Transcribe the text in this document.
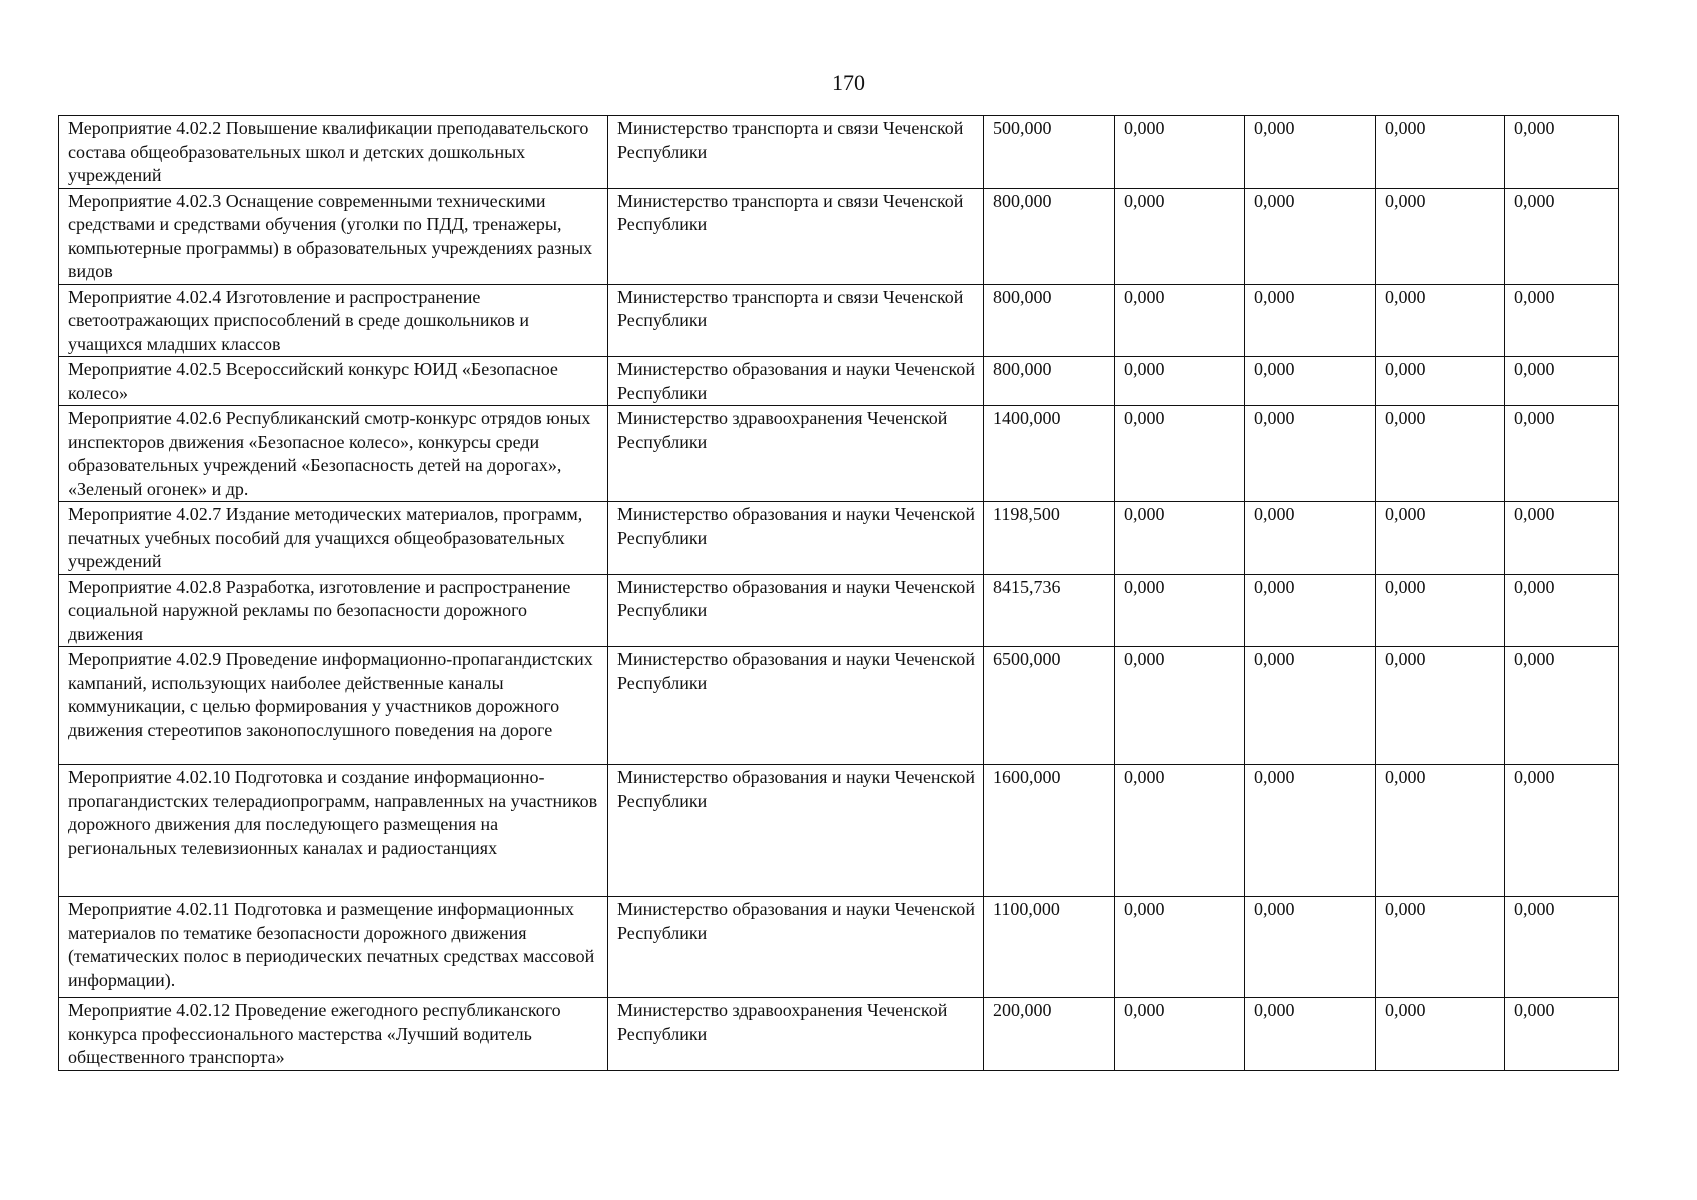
170
Мероприятие 4.02.2 Повышение квалификации преподавательского состава общеобразовательных школ и детских дошкольных учреждений	Министерство транспорта и связи Чеченской Республики	500,000	0,000	0,000	0,000	0,000
Мероприятие 4.02.3 Оснащение современными техническими средствами и средствами обучения (уголки по ПДД, тренажеры, компьютерные программы) в образовательных учреждениях разных видов	Министерство транспорта и связи Чеченской Республики	800,000	0,000	0,000	0,000	0,000
Мероприятие 4.02.4 Изготовление и распространение светоотражающих приспособлений в среде дошкольников и учащихся младших классов	Министерство транспорта и связи Чеченской Республики	800,000	0,000	0,000	0,000	0,000
Мероприятие 4.02.5 Всероссийский конкурс ЮИД «Безопасное колесо»	Министерство образования и науки Чеченской Республики	800,000	0,000	0,000	0,000	0,000
Мероприятие 4.02.6 Республиканский смотр-конкурс отрядов юных инспекторов движения «Безопасное колесо», конкурсы среди образовательных учреждений «Безопасность детей на дорогах», «Зеленый огонек» и др.	Министерство здравоохранения Чеченской Республики	1400,000	0,000	0,000	0,000	0,000
Мероприятие 4.02.7 Издание методических материалов, программ, печатных учебных пособий для учащихся общеобразовательных учреждений	Министерство образования и науки Чеченской Республики	1198,500	0,000	0,000	0,000	0,000
Мероприятие 4.02.8 Разработка, изготовление и распространение социальной наружной рекламы по безопасности дорожного движения	Министерство образования и науки Чеченской Республики	8415,736	0,000	0,000	0,000	0,000
Мероприятие 4.02.9 Проведение информационно-пропагандистских кампаний, использующих наиболее действенные каналы коммуникации, с целью формирования у участников дорожного движения стереотипов законопослушного поведения на дороге	Министерство образования и науки Чеченской Республики	6500,000	0,000	0,000	0,000	0,000
Мероприятие 4.02.10 Подготовка и создание информационно-пропагандистских телерадиопрограмм, направленных на участников дорожного движения для последующего размещения на региональных телевизионных каналах и радиостанциях	Министерство образования и науки Чеченской Республики	1600,000	0,000	0,000	0,000	0,000
Мероприятие 4.02.11 Подготовка и размещение информационных материалов по тематике безопасности дорожного движения (тематических полос в периодических печатных средствах массовой информации).	Министерство образования и науки Чеченской Республики	1100,000	0,000	0,000	0,000	0,000
Мероприятие 4.02.12 Проведение ежегодного республиканского конкурса профессионального мастерства «Лучший водитель общественного транспорта»	Министерство здравоохранения Чеченской Республики	200,000	0,000	0,000	0,000	0,000
